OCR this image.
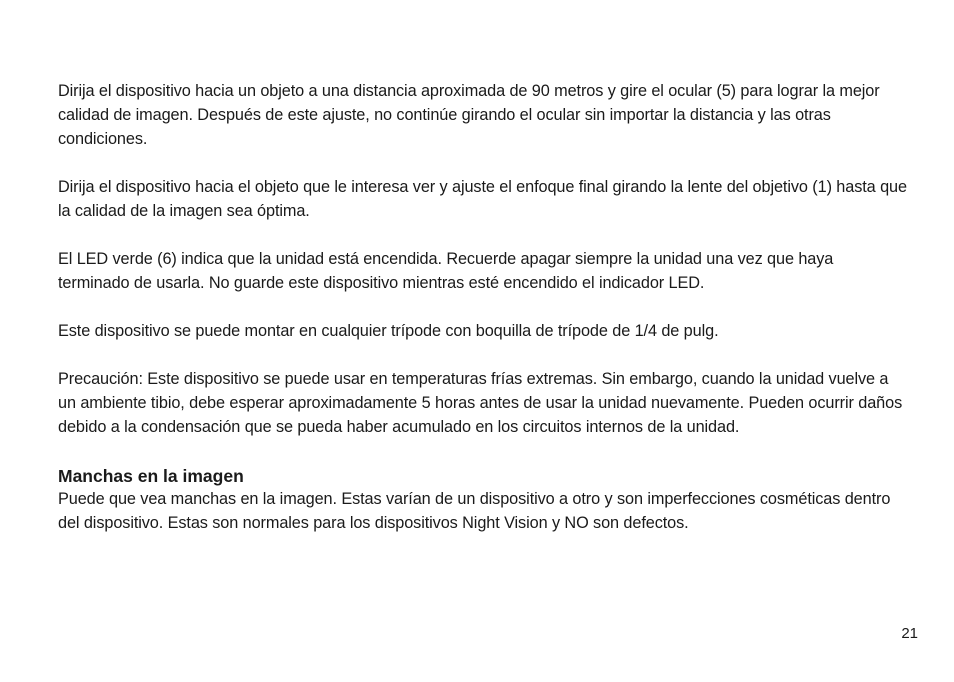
Dirija el dispositivo hacia un objeto a una distancia aproximada de 90 metros y gire el ocular (5) para lograr la mejor calidad de imagen. Después de este ajuste, no continúe girando el ocular sin importar la distancia y las otras condiciones.

Dirija el dispositivo hacia el objeto que le interesa ver y ajuste el enfoque final girando la lente del objetivo (1) hasta que la calidad de la imagen sea óptima.

El LED verde (6) indica que la unidad está encendida. Recuerde apagar siempre la unidad una vez que haya terminado de usarla. No guarde este dispositivo mientras esté encendido el indicador LED.

Este dispositivo se puede montar en cualquier trípode con boquilla de trípode de 1/4 de pulg.

Precaución: Este dispositivo se puede usar en temperaturas frías extremas. Sin embargo, cuando la unidad vuelve a un ambiente tibio, debe esperar aproximadamente 5 horas antes de usar la unidad nuevamente. Pueden ocurrir daños debido a la condensación que se pueda haber acumulado en los circuitos internos de la unidad.

Manchas en la imagen

Puede que vea manchas en la imagen. Estas varían de un dispositivo a otro y son imperfecciones cosméticas dentro del dispositivo. Estas son normales para los dispositivos Night Vision y NO son defectos.

21
